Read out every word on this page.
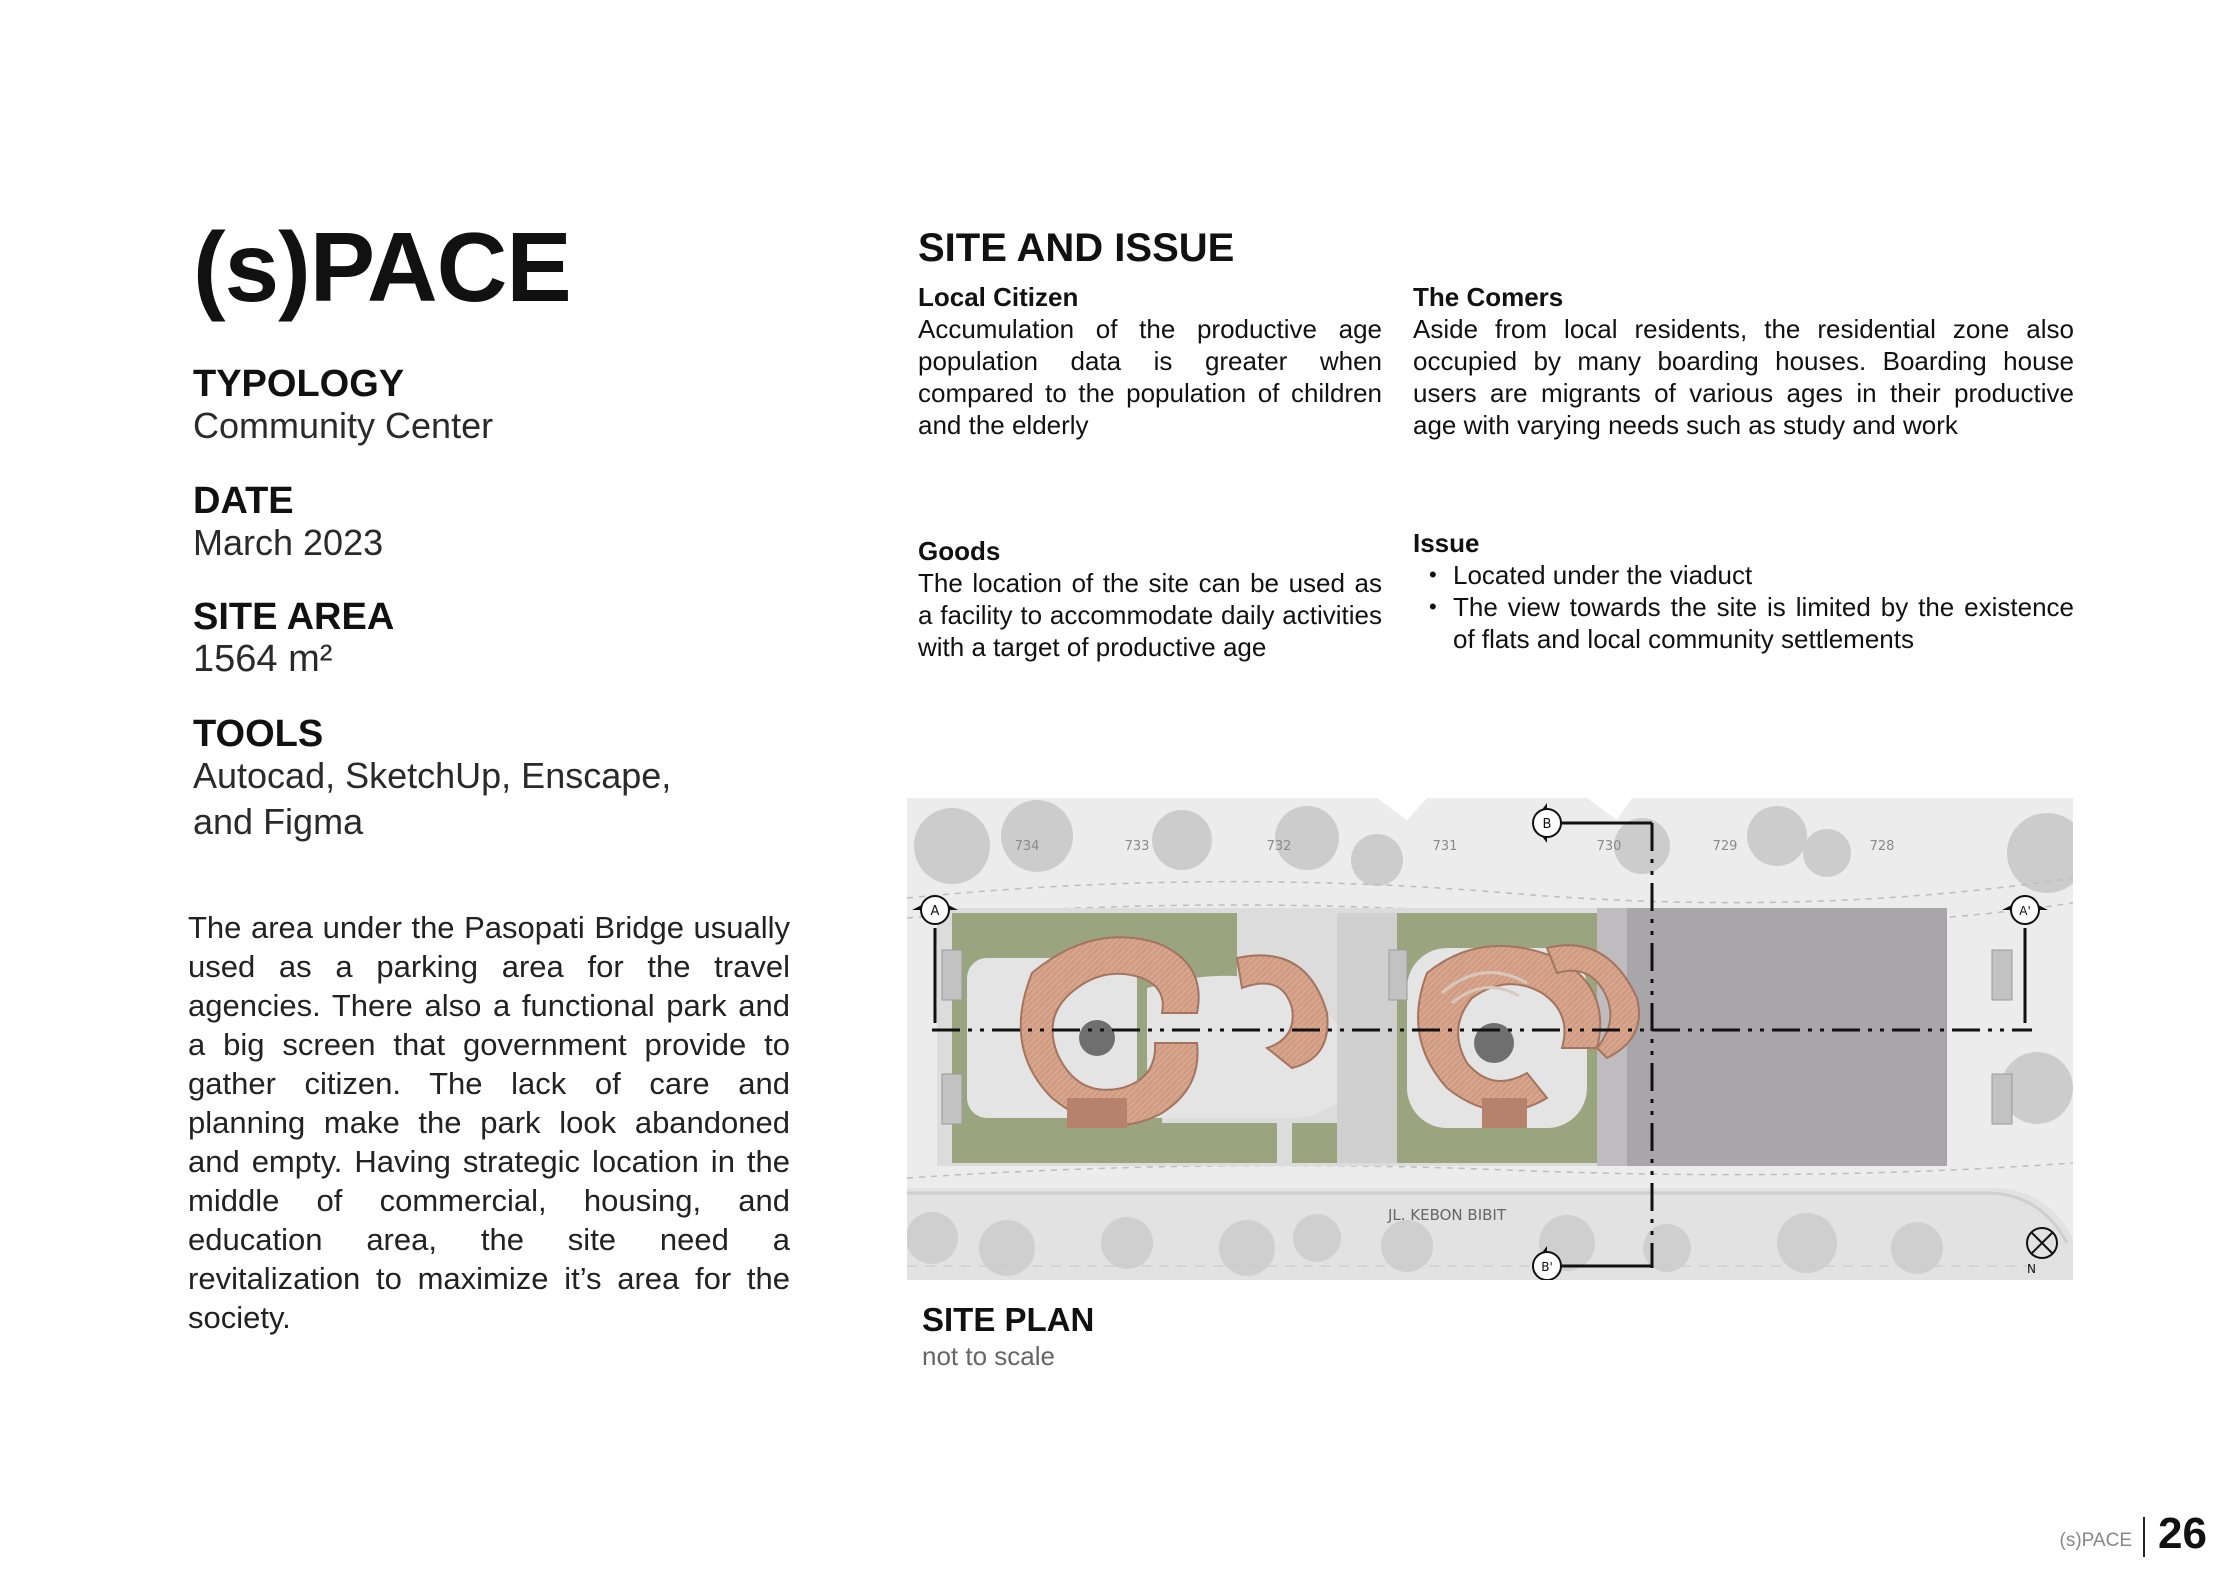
(s)PACE
TYPOLOGY
Community Center
DATE
March 2023
SITE AREA
1564 m²
TOOLS
Autocad, SketchUp, Enscape,
and Figma
The area under the Pasopati Bridge usually used as a parking area for the travel agencies. There also a functional park and a big screen that government provide to gather citizen. The lack of care and planning make the park look abandoned and empty. Having strategic location in the middle of commercial, housing, and education area, the site need a revitalization to maximize it’s area for the society.
SITE AND ISSUE
Local Citizen
Accumulation of the productive age population data is greater when compared to the population of children and the elderly
The Comers
Aside from local residents, the residential zone also occupied by many boarding houses. Boarding house users are migrants of various ages in their productive age with varying needs such as study and work
Goods
The location of the site can be used as a facility to accommodate daily activities with a target of productive age
Issue
• Located under the viaduct
• The view towards the site is limited by the existence of flats and local community settlements
A	A'
B
B'
734	733	732	731	730	729	728
JL. KEBON BIBIT
N
SITE PLAN
not to scale
(s)PACE 26
